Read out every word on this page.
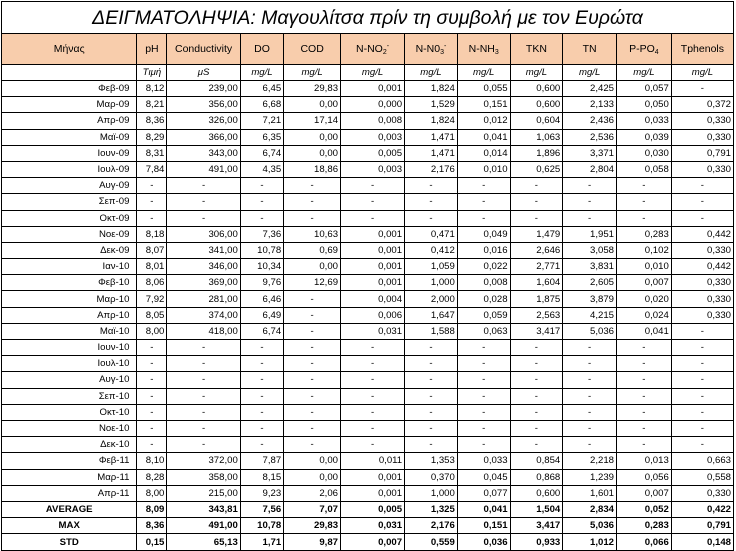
ΔΕΙΓΜΑΤΟΛΗΨΙΑ: Μαγουλίτσα πρίν τη συμβολή με τον Ευρώτα											
Μήνας	pH	Conductivity	DO	COD	$N-NO_2^-$	$N-N0_3^-$	$N-NH_3$	TKN	TN	$P-PO_4$	Tphenols
	Τιμή	μS	mg/L	mg/L	mg/L	mg/L	mg/L	mg/L	mg/L	mg/L	mg/L
Φεβ-09	8,12	239,00	6,45	29,83	0,001	1,824	0,055	0,600	2,425	0,057	-
Μαρ-09	8,21	356,00	6,68	0,00	0,000	1,529	0,151	0,600	2,133	0,050	0,372
Απρ-09	8,36	326,00	7,21	17,14	0,008	1,824	0,012	0,604	2,436	0,033	0,330
Μαϊ-09	8,29	366,00	6,35	0,00	0,003	1,471	0,041	1,063	2,536	0,039	0,330
Ιουν-09	8,31	343,00	6,74	0,00	0,005	1,471	0,014	1,896	3,371	0,030	0,791
Ιουλ-09	7,84	491,00	4,35	18,86	0,003	2,176	0,010	0,625	2,804	0,058	0,330
Αυγ-09	-	-	-	-	-	-	-	-	-	-	-
Σεπ-09	-	-	-	-	-	-	-	-	-	-	-
Οκτ-09	-	-	-	-	-	-	-	-	-	-	-
Νοε-09	8,18	306,00	7,36	10,63	0,001	0,471	0,049	1,479	1,951	0,283	0,442
Δεκ-09	8,07	341,00	10,78	0,69	0,001	0,412	0,016	2,646	3,058	0,102	0,330
Ιαν-10	8,01	346,00	10,34	0,00	0,001	1,059	0,022	2,771	3,831	0,010	0,442
Φεβ-10	8,06	369,00	9,76	12,69	0,001	1,000	0,008	1,604	2,605	0,007	0,330
Μαρ-10	7,92	281,00	6,46	-	0,004	2,000	0,028	1,875	3,879	0,020	0,330
Απρ-10	8,05	374,00	6,49	-	0,006	1,647	0,059	2,563	4,215	0,024	0,330
Μαϊ-10	8,00	418,00	6,74	-	0,031	1,588	0,063	3,417	5,036	0,041	-
Ιουν-10	-	-	-	-	-	-	-	-	-	-	-
Ιουλ-10	-	-	-	-	-	-	-	-	-	-	-
Αυγ-10	-	-	-	-	-	-	-	-	-	-	-
Σεπ-10	-	-	-	-	-	-	-	-	-	-	-
Οκτ-10	-	-	-	-	-	-	-	-	-	-	-
Νοε-10	-	-	-	-	-	-	-	-	-	-	-
Δεκ-10	-	-	-	-	-	-	-	-	-	-	-
Φεβ-11	8,10	372,00	7,87	0,00	0,011	1,353	0,033	0,854	2,218	0,013	0,663
Μαρ-11	8,28	358,00	8,15	0,00	0,001	0,370	0,045	0,868	1,239	0,056	0,558
Απρ-11	8,00	215,00	9,23	2,06	0,001	1,000	0,077	0,600	1,601	0,007	0,330
AVERAGE	8,09	343,81	7,56	7,07	0,005	1,325	0,041	1,504	2,834	0,052	0,422
MAX	8,36	491,00	10,78	29,83	0,031	2,176	0,151	3,417	5,036	0,283	0,791
STD	0,15	65,13	1,71	9,87	0,007	0,559	0,036	0,933	1,012	0,066	0,148
